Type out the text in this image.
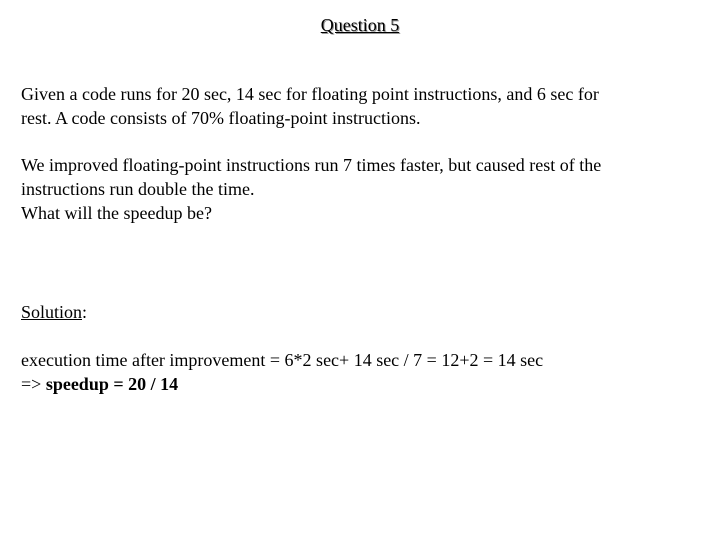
Question 5

Given a code runs for 20 sec, 14 sec for floating point instructions, and 6 sec for

rest. A code consists of 70% floating-point instructions.

We improved floating-point instructions run 7 times faster, but caused rest of the

instructions run double the time.

What will the speedup be?

Solution:

execution time after improvement = 6*2 sec+ 14 sec / 7 = 12+2 = 14 sec

=> speedup = 20 / 14
